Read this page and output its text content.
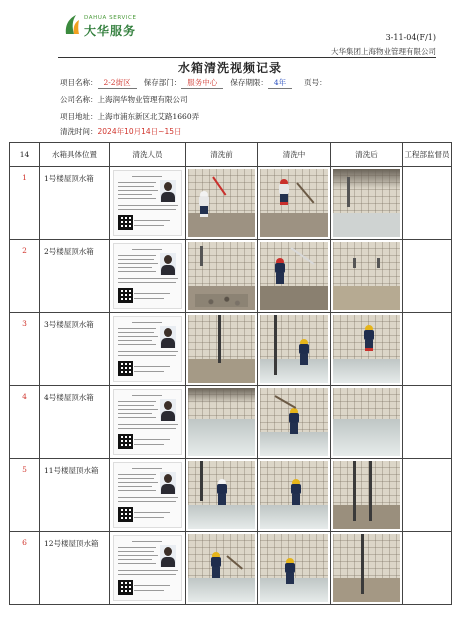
DAHUA SERVICE
大华服务	3-11-04(F/1)
大华集团上海物业管理有限公司
水箱清洗视频记录
项目名称： 2-2街区 保存部门： 服务中心 保存期限： 4年 页号：
公司名称：上海润华物业管理有限公司
项目地址：上海市浦东新区北艾路1660弄
清洗时间：2024年10月14日~15日
14	水箱具体位置	清洗人员	清洗前	清洗中	清洗后	工程部监督员
1	1号楼屋顶水箱	

2	2号楼屋顶水箱	

3	3号楼屋顶水箱	

4	4号楼屋顶水箱	

5	11号楼屋顶水箱	

6	12号楼屋顶水箱	
